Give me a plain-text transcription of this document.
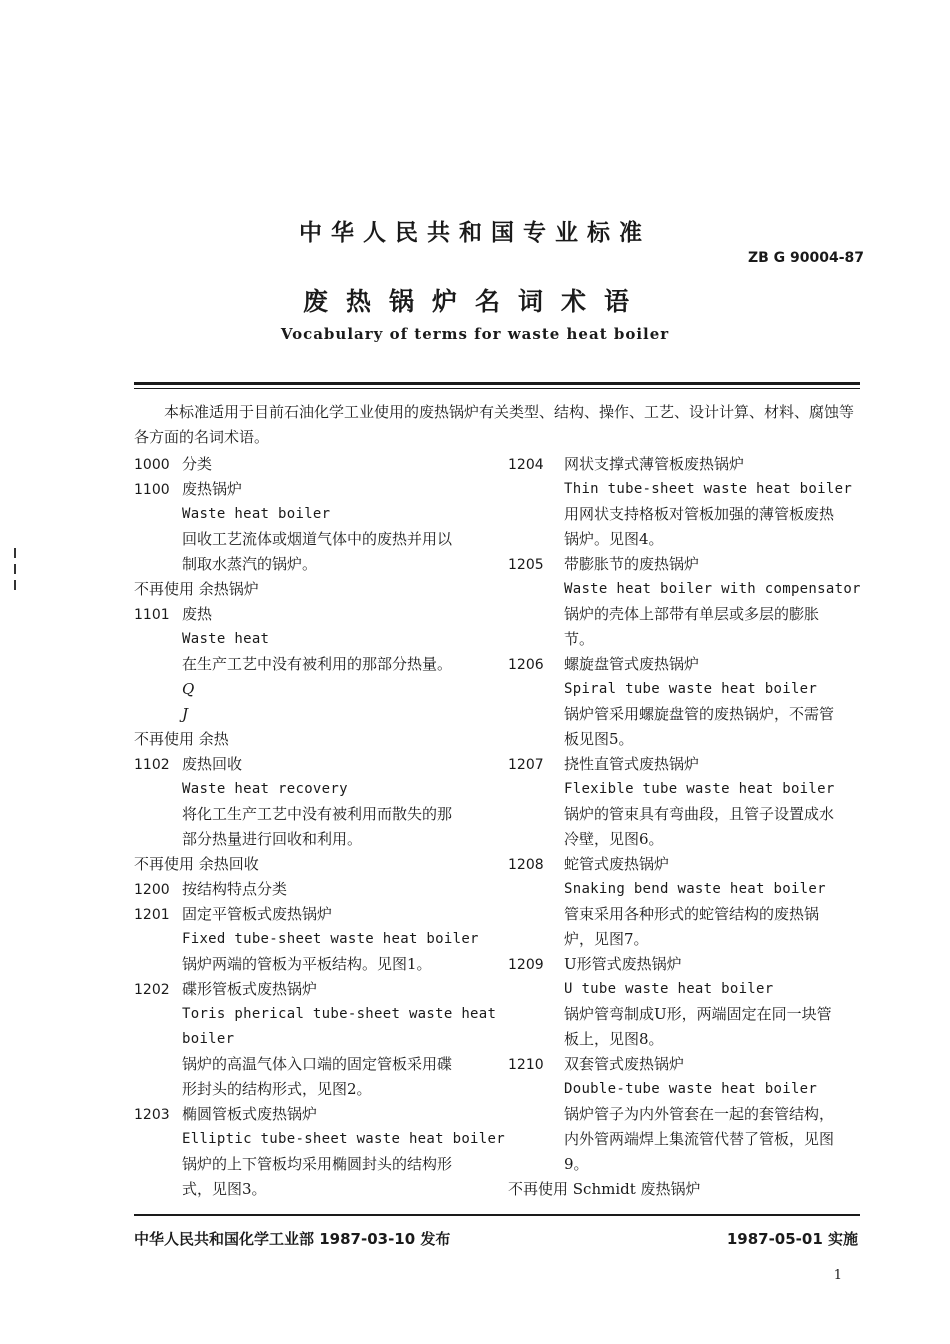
中华人民共和国专业标准
ZB G 90004-87
废热锅炉名词术语
Vocabulary of terms for waste heat boiler
本标准适用于目前石油化学工业使用的废热锅炉有关类型、结构、操作、工艺、设计计算、材料、腐蚀等各方面的名词术语。
1000 分类
1100 废热锅炉
Waste heat boiler
回收工艺流体或烟道气体中的废热并用以
制取水蒸汽的锅炉。
不再使用 余热锅炉
1101 废热
Waste heat
在生产工艺中没有被利用的那部分热量。
Q
J
不再使用 余热
1102 废热回收
Waste heat recovery
将化工生产工艺中没有被利用而散失的那
部分热量进行回收和利用。
不再使用 余热回收
1200 按结构特点分类
1201 固定平管板式废热锅炉
Fixed tube-sheet waste heat boiler
锅炉两端的管板为平板结构。见图1。
1202 碟形管板式废热锅炉
Toris pherical tube-sheet waste heat
boiler
锅炉的高温气体入口端的固定管板采用碟
形封头的结构形式，见图2。
1203 椭圆管板式废热锅炉
Elliptic tube-sheet waste heat boiler
锅炉的上下管板均采用椭圆封头的结构形
式，见图3。
1204 网状支撑式薄管板废热锅炉
Thin tube-sheet waste heat boiler
用网状支持格板对管板加强的薄管板废热
锅炉。见图4。
1205 带膨胀节的废热锅炉
Waste heat boiler with compensator
锅炉的壳体上部带有单层或多层的膨胀
节。
1206 螺旋盘管式废热锅炉
Spiral tube waste heat boiler
锅炉管采用螺旋盘管的废热锅炉，不需管
板见图5。
1207 挠性直管式废热锅炉
Flexible tube waste heat boiler
锅炉的管束具有弯曲段，且管子设置成水
冷壁，见图6。
1208 蛇管式废热锅炉
Snaking bend waste heat boiler
管束采用各种形式的蛇管结构的废热锅
炉，见图7。
1209 U形管式废热锅炉
U tube waste heat boiler
锅炉管弯制成U形，两端固定在同一块管
板上，见图8。
1210 双套管式废热锅炉
Double-tube waste heat boiler
锅炉管子为内外管套在一起的套管结构，
内外管两端焊上集流管代替了管板，见图
9。
不再使用 Schmidt 废热锅炉
中华人民共和国化学工业部 1987-03-10 发布	1987-05-01 实施
1
